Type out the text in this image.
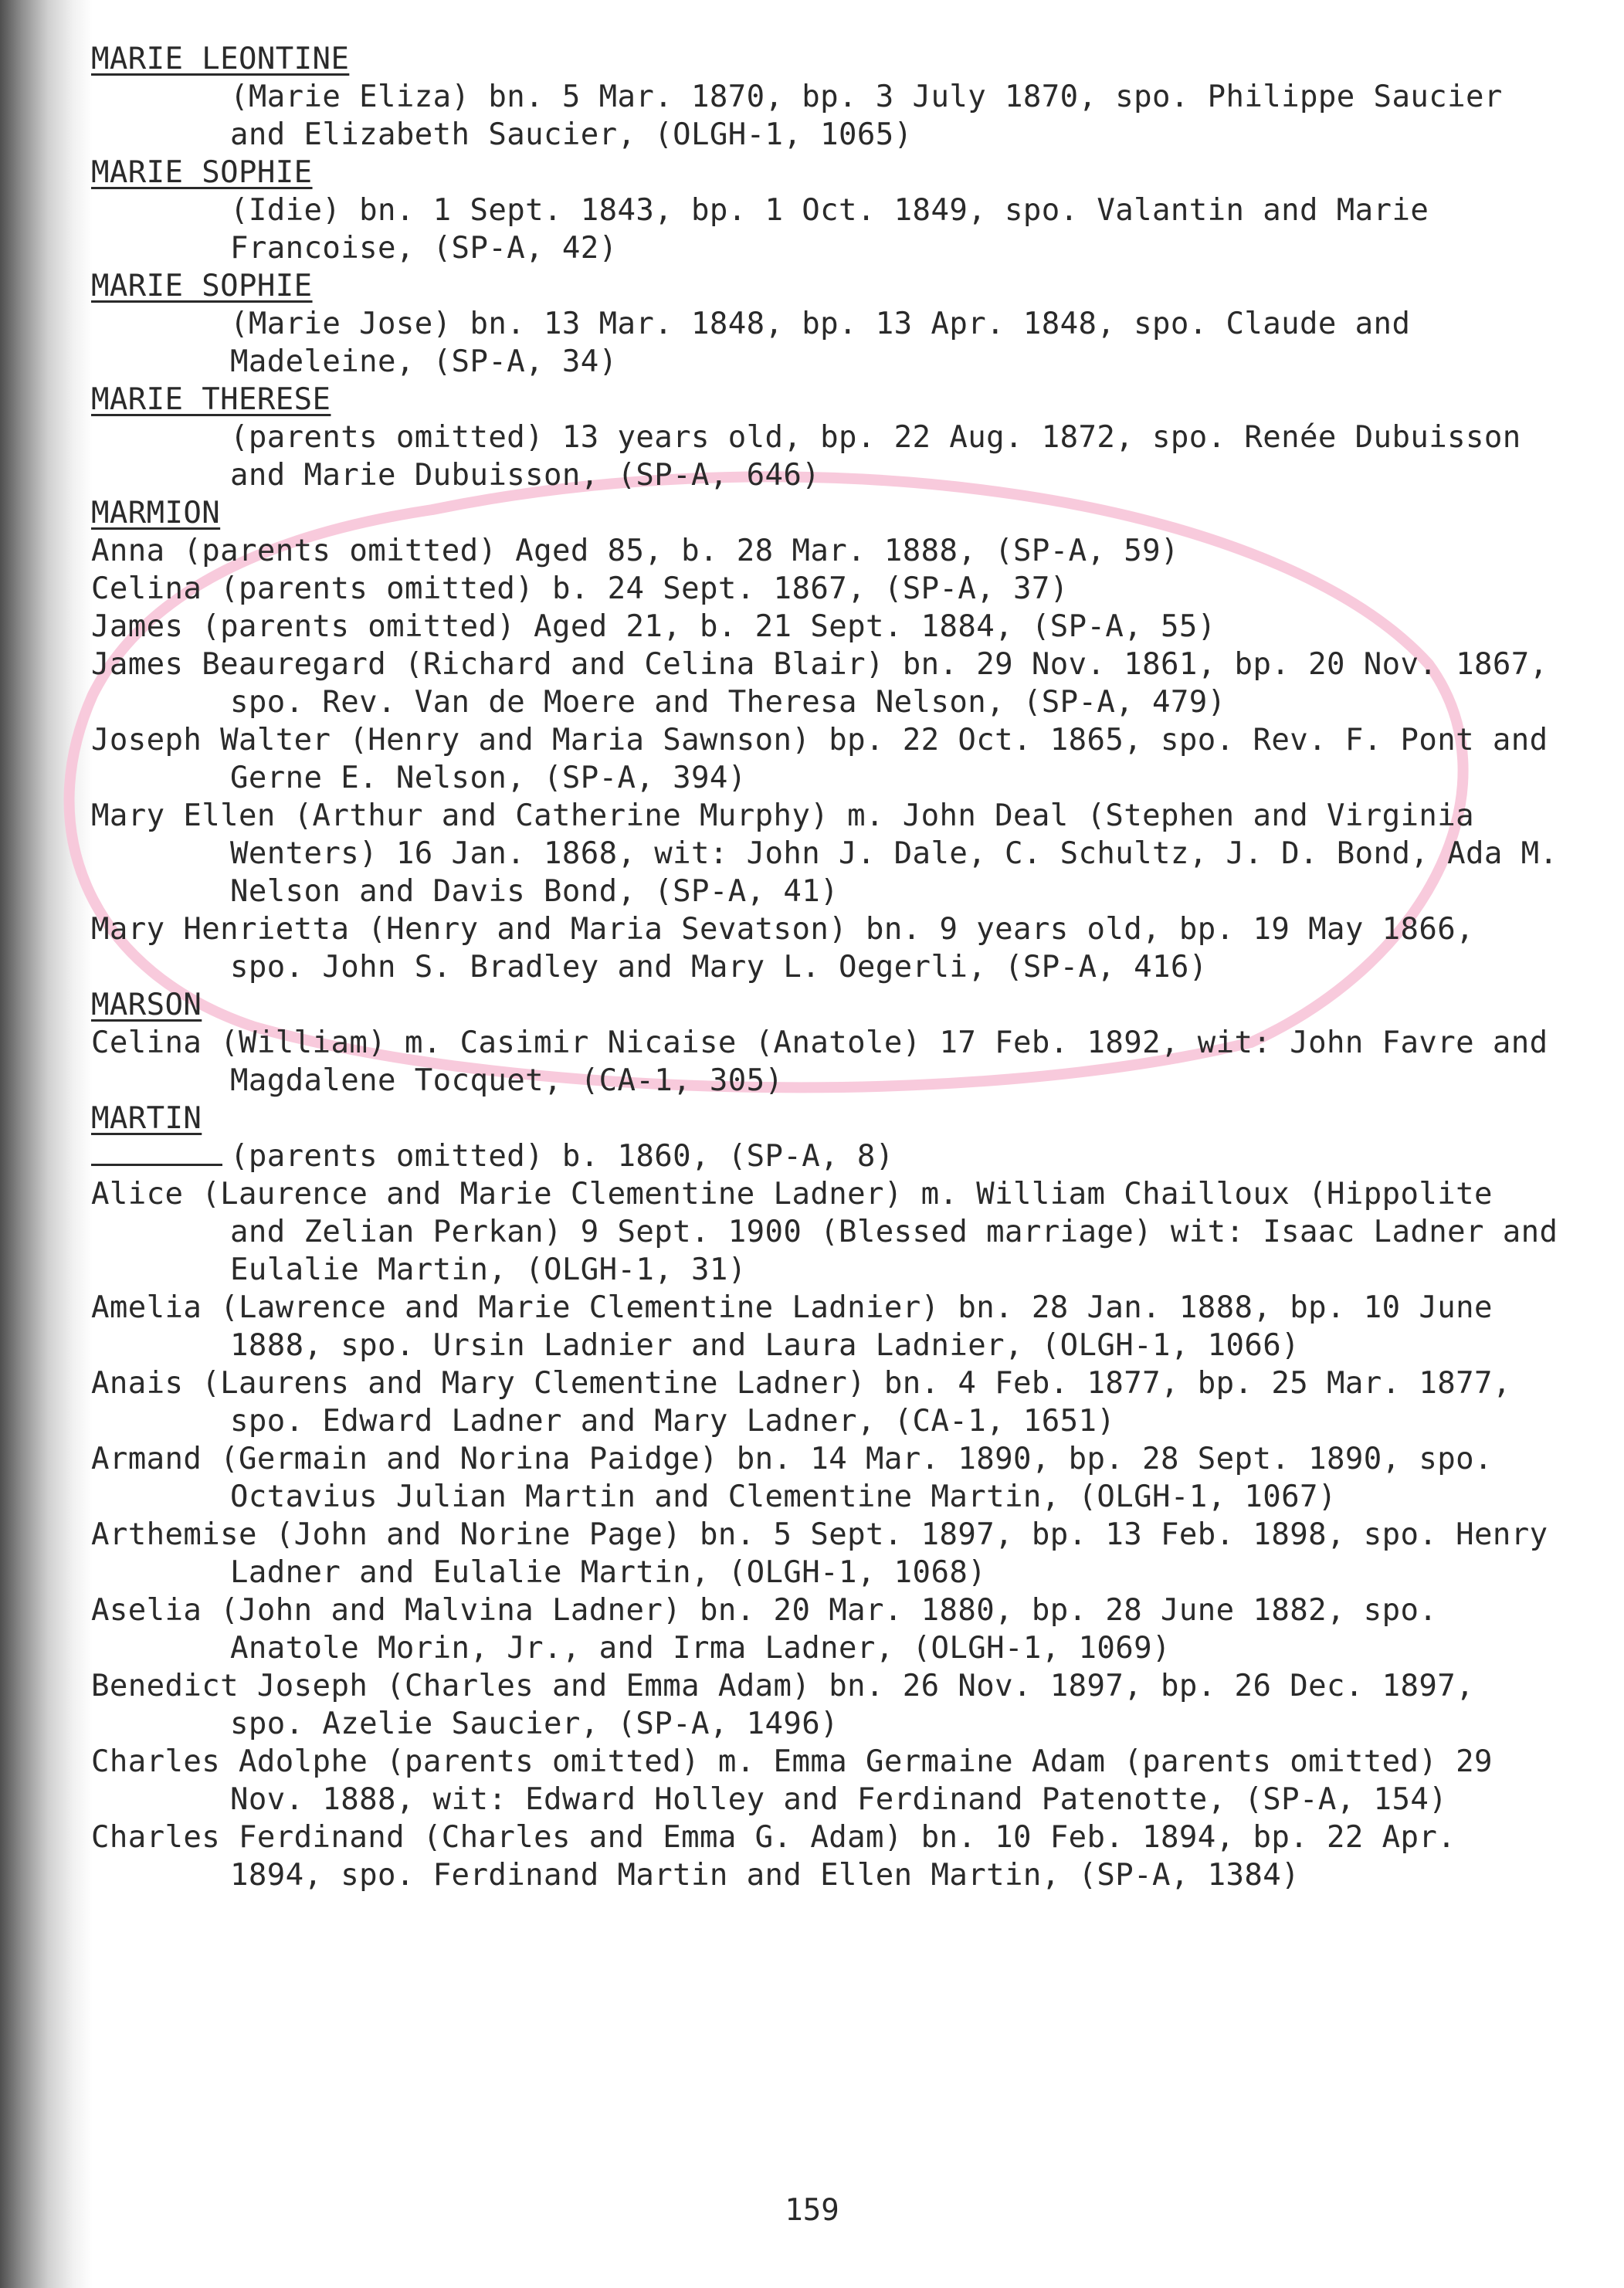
MARIE LEONTINE
(Marie Eliza) bn. 5 Mar. 1870, bp. 3 July 1870, spo. Philippe Saucier and Elizabeth Saucier, (OLGH-1, 1065)
MARIE SOPHIE
(Idie) bn. 1 Sept. 1843, bp. 1 Oct. 1849, spo. Valantin and Marie Francoise, (SP-A, 42)
MARIE SOPHIE
(Marie Jose) bn. 13 Mar. 1848, bp. 13 Apr. 1848, spo. Claude and Madeleine, (SP-A, 34)
MARIE THERESE
(parents omitted) 13 years old, bp. 22 Aug. 1872, spo. Renée Dubuisson and Marie Dubuisson, (SP-A, 646)
MARMION
Anna (parents omitted) Aged 85, b. 28 Mar. 1888, (SP-A, 59)
Celina (parents omitted) b. 24 Sept. 1867, (SP-A, 37)
James (parents omitted) Aged 21, b. 21 Sept. 1884, (SP-A, 55)
James Beauregard (Richard and Celina Blair) bn. 29 Nov. 1861, bp. 20 Nov. 1867, spo. Rev. Van de Moere and Theresa Nelson, (SP-A, 479)
Joseph Walter (Henry and Maria Sawnson) bp. 22 Oct. 1865, spo. Rev. F. Pont and Gerne E. Nelson, (SP-A, 394)
Mary Ellen (Arthur and Catherine Murphy) m. John Deal (Stephen and Virginia Wenters) 16 Jan. 1868, wit: John J. Dale, C. Schultz, J. D. Bond, Ada M. Nelson and Davis Bond, (SP-A, 41)
Mary Henrietta (Henry and Maria Sevatson) bn. 9 years old, bp. 19 May 1866, spo. John S. Bradley and Mary L. Oegerli, (SP-A, 416)
MARSON
Celina (William) m. Casimir Nicaise (Anatole) 17 Feb. 1892, wit: John Favre and Magdalene Tocquet, (CA-1, 305)
MARTIN
(parents omitted) b. 1860, (SP-A, 8)
Alice (Laurence and Marie Clementine Ladner) m. William Chailloux (Hippolite and Zelian Perkan) 9 Sept. 1900 (Blessed marriage) wit: Isaac Ladner and Eulalie Martin, (OLGH-1, 31)
Amelia (Lawrence and Marie Clementine Ladnier) bn. 28 Jan. 1888, bp. 10 June 1888, spo. Ursin Ladnier and Laura Ladnier, (OLGH-1, 1066)
Anais (Laurens and Mary Clementine Ladner) bn. 4 Feb. 1877, bp. 25 Mar. 1877, spo. Edward Ladner and Mary Ladner, (CA-1, 1651)
Armand (Germain and Norina Paidge) bn. 14 Mar. 1890, bp. 28 Sept. 1890, spo. Octavius Julian Martin and Clementine Martin, (OLGH-1, 1067)
Arthemise (John and Norine Page) bn. 5 Sept. 1897, bp. 13 Feb. 1898, spo. Henry Ladner and Eulalie Martin, (OLGH-1, 1068)
Aselia (John and Malvina Ladner) bn. 20 Mar. 1880, bp. 28 June 1882, spo. Anatole Morin, Jr., and Irma Ladner, (OLGH-1, 1069)
Benedict Joseph (Charles and Emma Adam) bn. 26 Nov. 1897, bp. 26 Dec. 1897, spo. Azelie Saucier, (SP-A, 1496)
Charles Adolphe (parents omitted) m. Emma Germaine Adam (parents omitted) 29 Nov. 1888, wit: Edward Holley and Ferdinand Patenotte, (SP-A, 154)
Charles Ferdinand (Charles and Emma G. Adam) bn. 10 Feb. 1894, bp. 22 Apr. 1894, spo. Ferdinand Martin and Ellen Martin, (SP-A, 1384)
159
